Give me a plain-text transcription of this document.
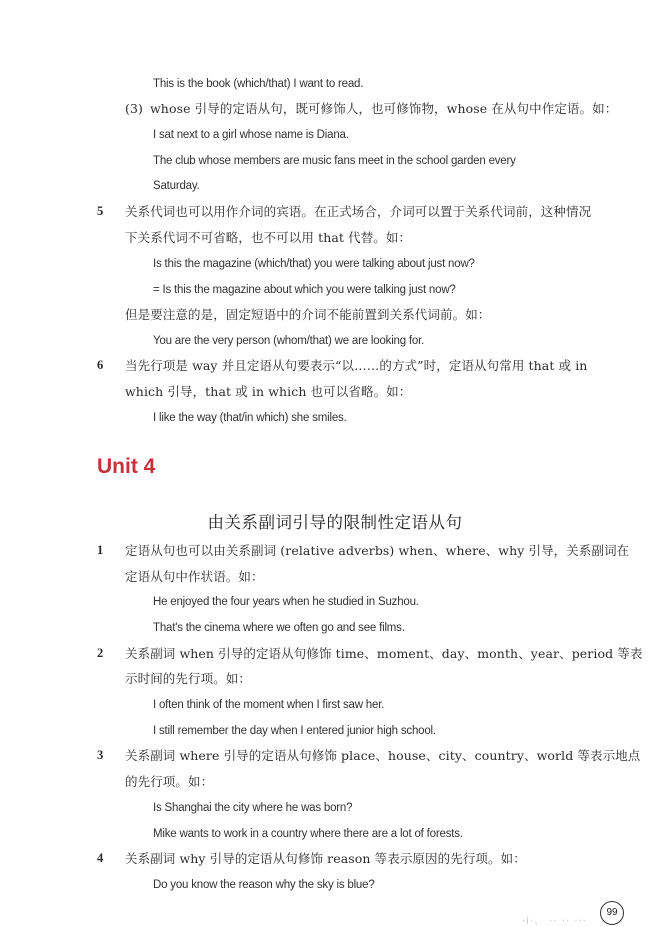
This is the book (which/that) I want to read.
(3) whose 引导的定语从句，既可修饰人，也可修饰物，whose 在从句中作定语。如：
I sat next to a girl whose name is Diana.
The club whose members are music fans meet in the school garden every
Saturday.
5 关系代词也可以用作介词的宾语。在正式场合，介词可以置于关系代词前，这种情况
下关系代词不可省略，也不可以用 that 代替。如：
Is this the magazine (which/that) you were talking about just now?
= Is this the magazine about which you were talking just now?
但是要注意的是，固定短语中的介词不能前置到关系代词前。如：
You are the very person (whom/that) we are looking for.
6 当先行项是 way 并且定语从句要表示“以……的方式”时，定语从句常用 that 或 in
which 引导，that 或 in which 也可以省略。如：
I like the way (that/in which) she smiles.
Unit 4
由关系副词引导的限制性定语从句
1 定语从句也可以由关系副词 (relative adverbs) when、where、why 引导，关系副词在
定语从句中作状语。如：
He enjoyed the four years when he studied in Suzhou.
That's the cinema where we often go and see films.
2 关系副词 when 引导的定语从句修饰 time、moment、day、month、year、period 等表
示时间的先行项。如：
I often think of the moment when I first saw her.
I still remember the day when I entered junior high school.
3 关系副词 where 引导的定语从句修饰 place、house、city、country、world 等表示地点
的先行项。如：
Is Shanghai the city where he was born?
Mike wants to work in a country where there are a lot of forests.
4 关系副词 why 引导的定语从句修饰 reason 等表示原因的先行项。如：
Do you know the reason why the sky is blue?
99
·i·、 ·· ·· ···
